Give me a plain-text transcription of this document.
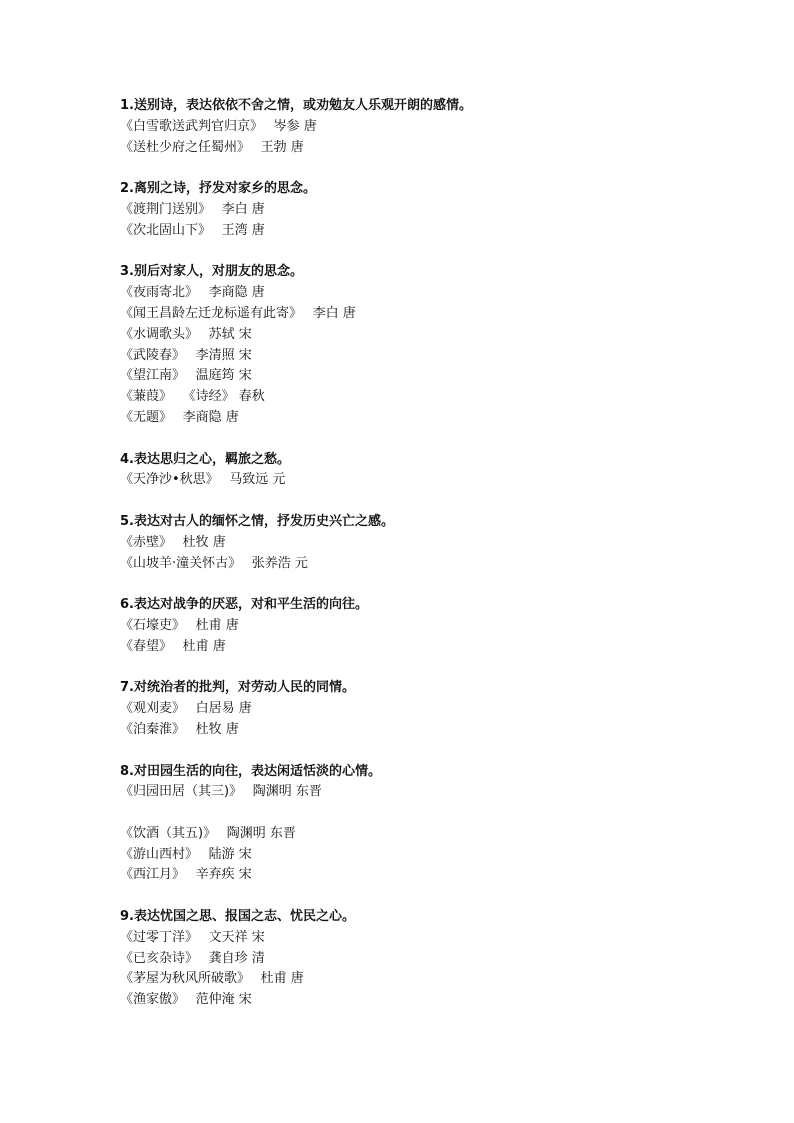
1.送别诗，表达依依不舍之情，或劝勉友人乐观开朗的感情。
《白雪歌送武判官归京》　 岑参 唐
《送杜少府之任蜀州》　 王勃 唐
2.离别之诗，抒发对家乡的思念。
《渡荆门送别》　 李白 唐
《次北固山下》　 王湾 唐
3.别后对家人，对朋友的思念。
《夜雨寄北》　 李商隐 唐
《闻王昌龄左迁龙标遥有此寄》　 李白 唐
《水调歌头》　 苏轼 宋
《武陵春》　 李清照 宋
《望江南》　 温庭筠 宋
《蒹葭》　 《诗经》 春秋
《无题》　 李商隐 唐
4.表达思归之心，羁旅之愁。
《天净沙•秋思》　 马致远 元
5.表达对古人的缅怀之情，抒发历史兴亡之感。
《赤壁》　 杜牧 唐
《山坡羊·潼关怀古》　 张养浩 元
6.表达对战争的厌恶，对和平生活的向往。
《石壕吏》　 杜甫 唐
《春望》　 杜甫 唐
7.对统治者的批判，对劳动人民的同情。
《观刈麦》　 白居易 唐
《泊秦淮》　 杜牧 唐
8.对田园生活的向往，表达闲适恬淡的心情。
《归园田居（其三)》　 陶渊明 东晋
《饮酒（其五)》　 陶渊明 东晋
《游山西村》　 陆游 宋
《西江月》　 辛弃疾 宋
9.表达忧国之思、报国之志、忧民之心。
《过零丁洋》　 文天祥 宋
《已亥杂诗》　 龚自珍 清
《茅屋为秋风所破歌》　 杜甫 唐
《渔家傲》　 范仲淹 宋
